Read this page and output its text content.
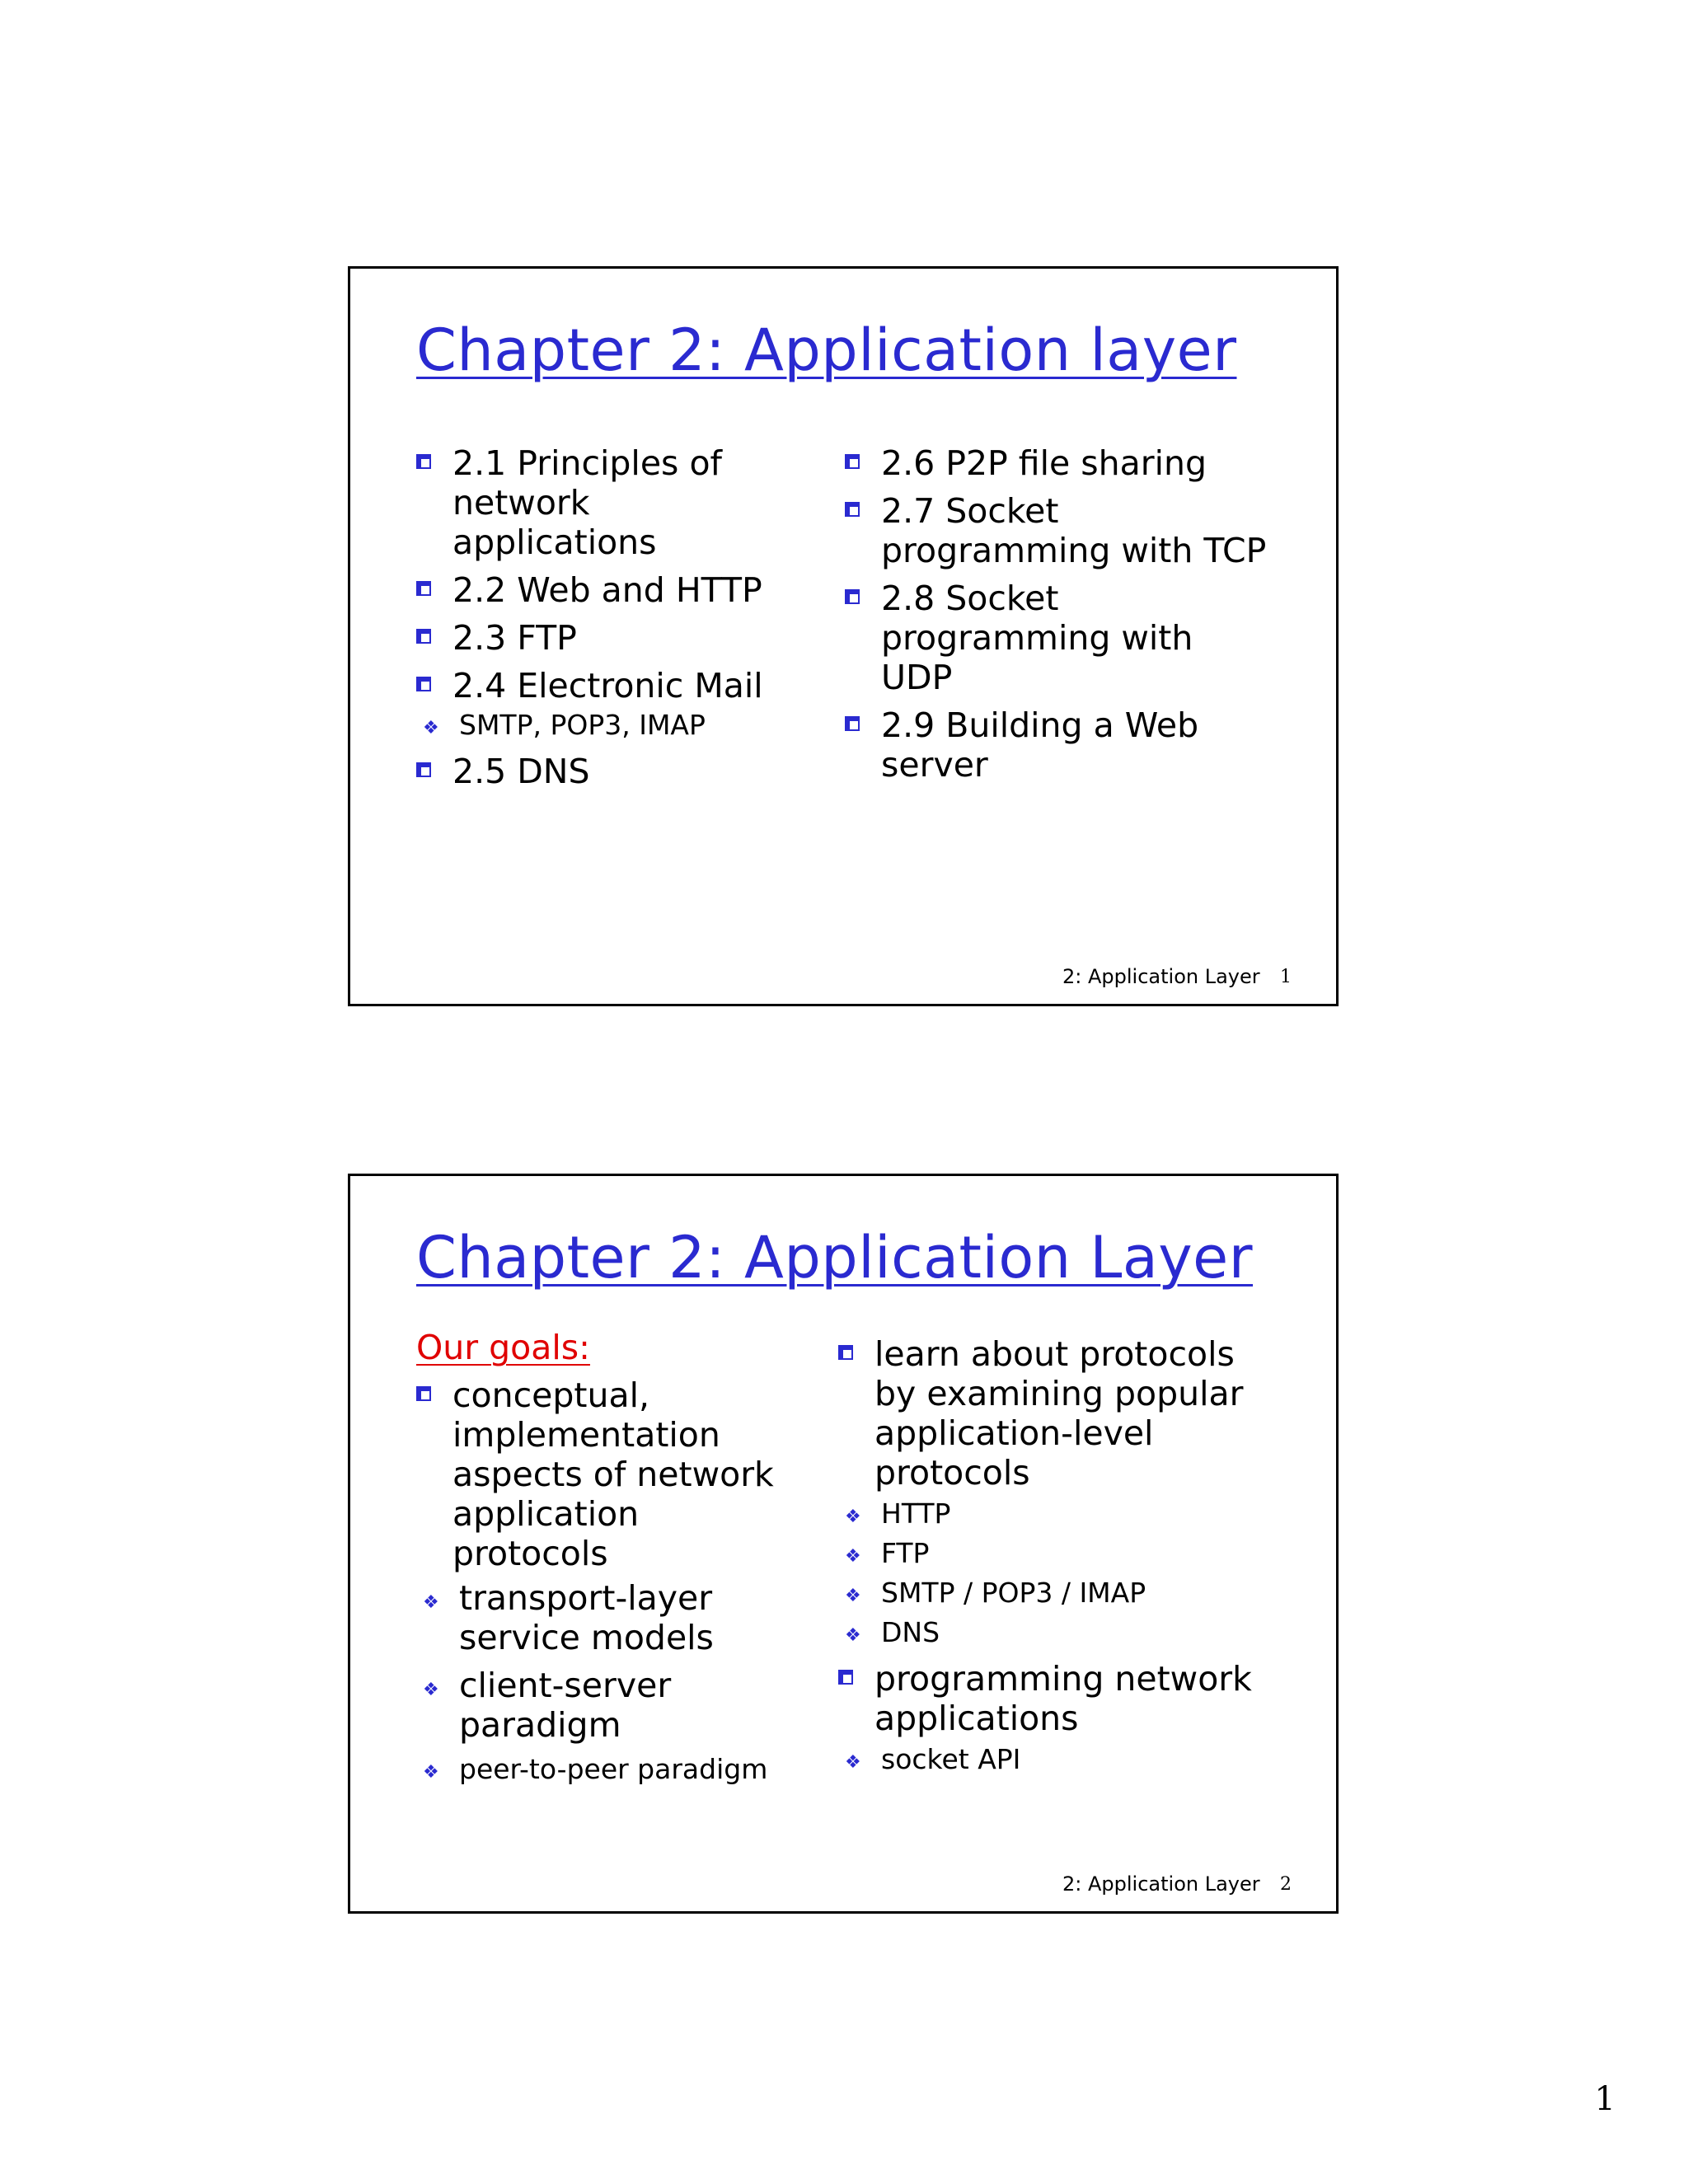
Chapter 2: Application layer
2.1 Principles of network applications
2.2 Web and HTTP
2.3 FTP
2.4 Electronic Mail
❖ SMTP, POP3, IMAP
2.5 DNS
2.6 P2P file sharing
2.7 Socket programming with TCP
2.8 Socket programming with UDP
2.9 Building a Web server
2: Application Layer 1
Chapter 2: Application Layer
Our goals:
conceptual, implementation aspects of network application protocols
❖ transport-layer service models
❖ client-server paradigm
❖ peer-to-peer paradigm
learn about protocols by examining popular application-level protocols
❖ HTTP
❖ FTP
❖ SMTP / POP3 / IMAP
❖ DNS
programming network applications
❖ socket API
2: Application Layer 2
1
